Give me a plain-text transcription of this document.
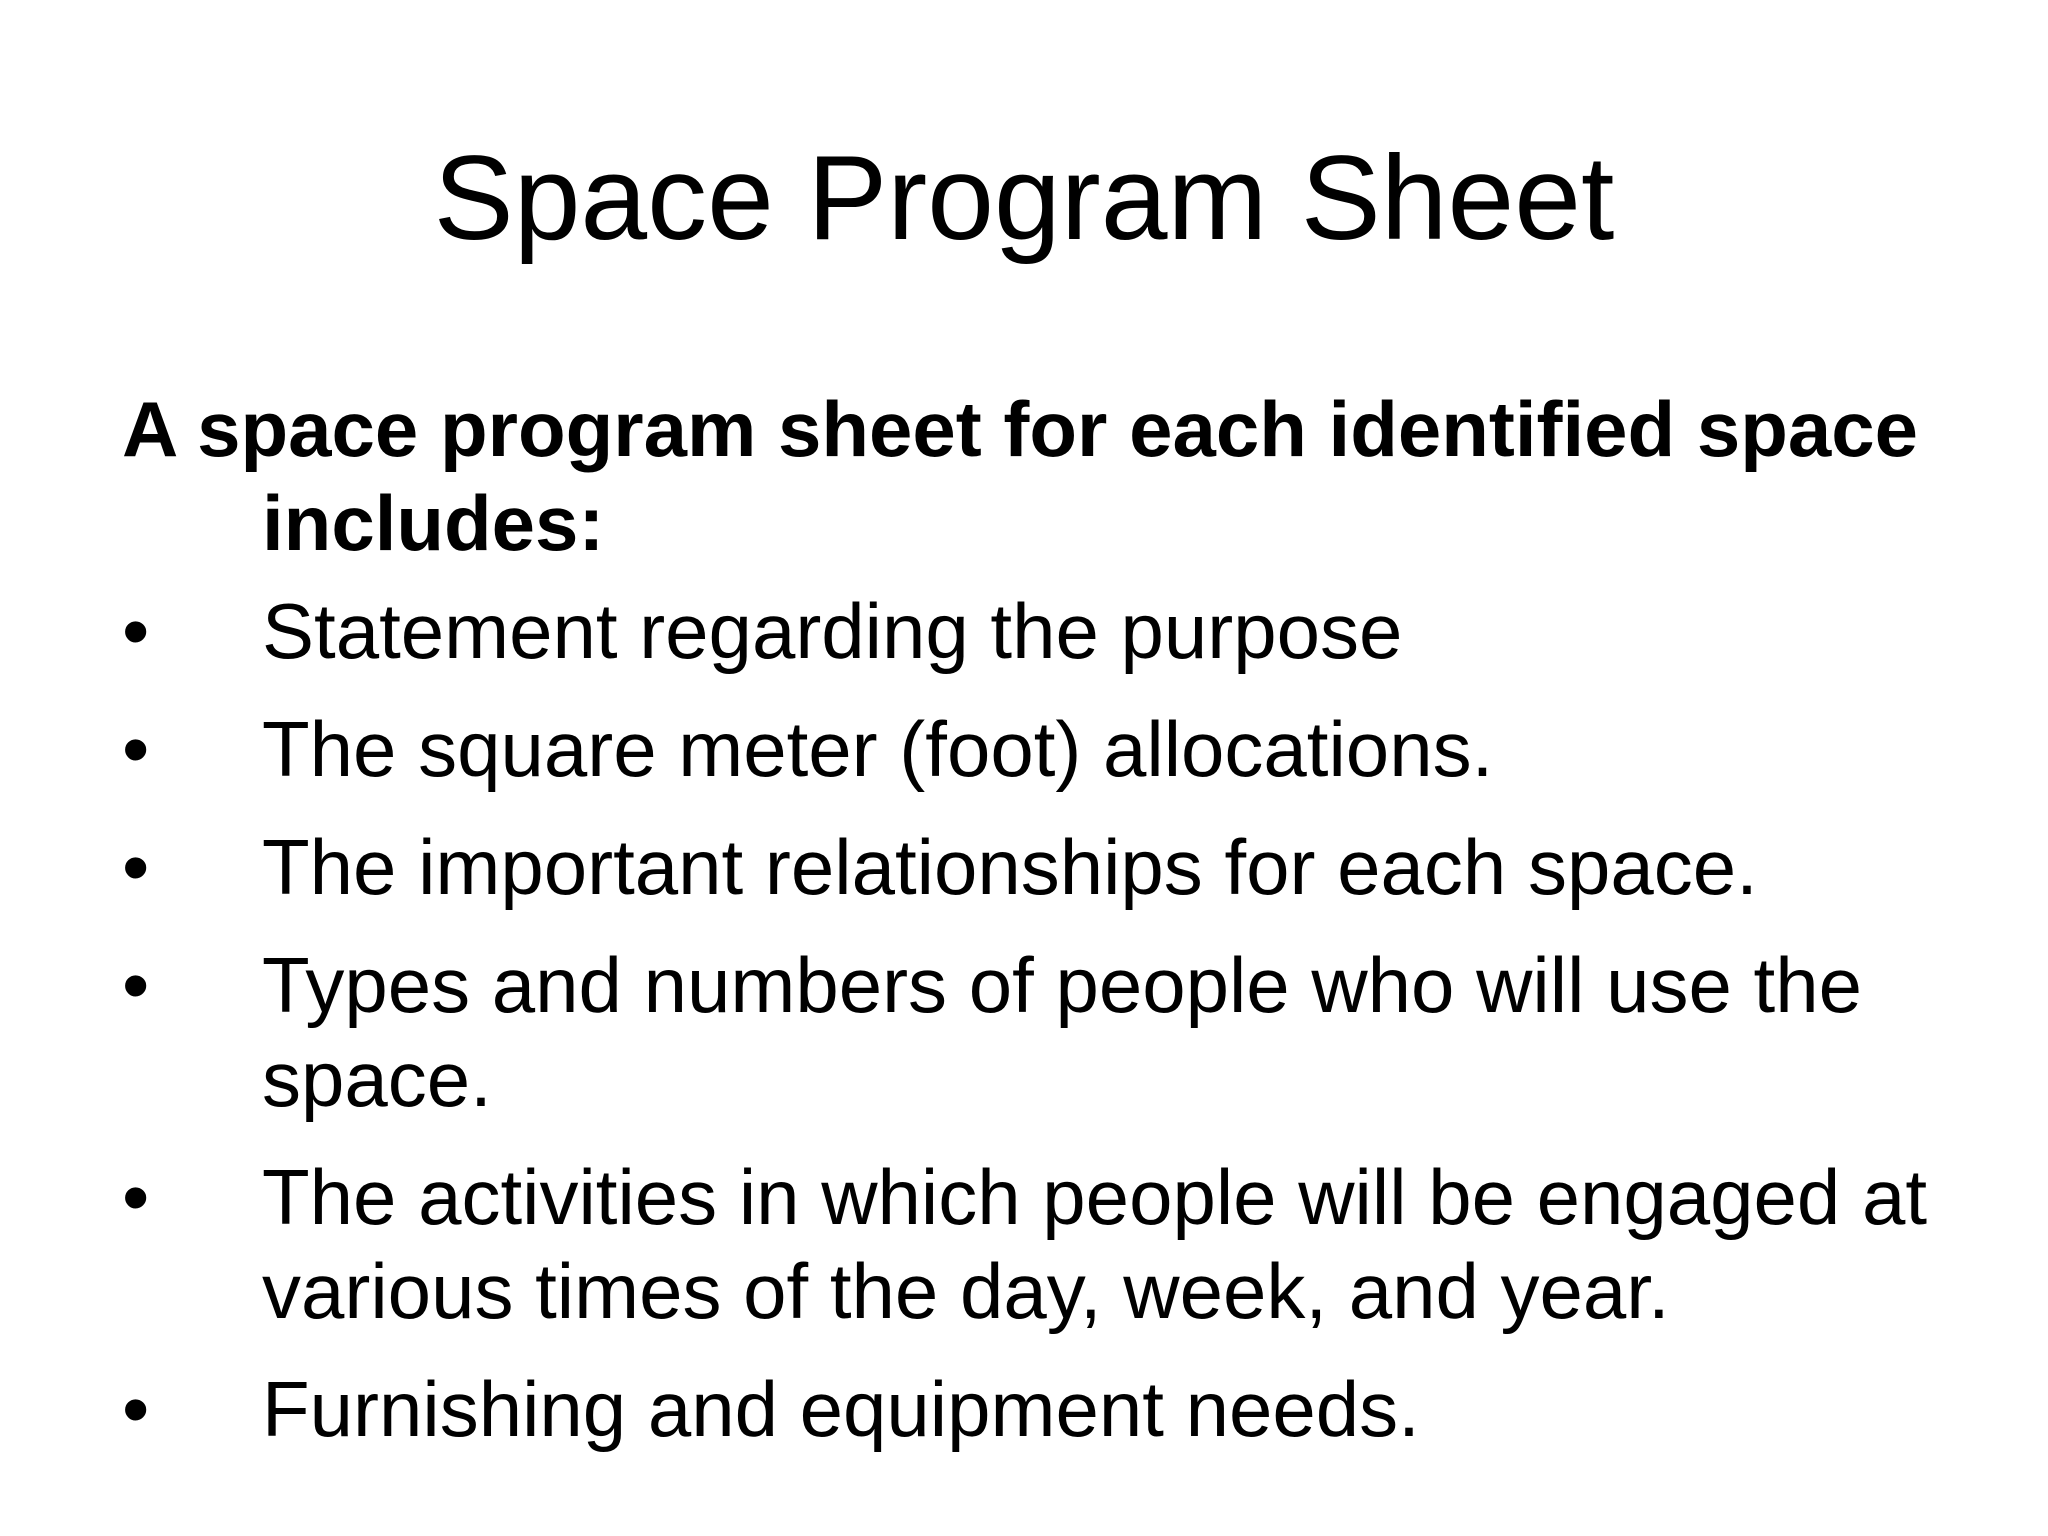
Space Program Sheet

A space program sheet for each identified space includes:

•	Statement regarding the purpose
•	The square meter (foot) allocations.
•	The important relationships for each space.
•	Types and numbers of people who will use the space.
•	The activities in which people will be engaged at various times of the day, week, and year.
•	Furnishing and equipment needs.
